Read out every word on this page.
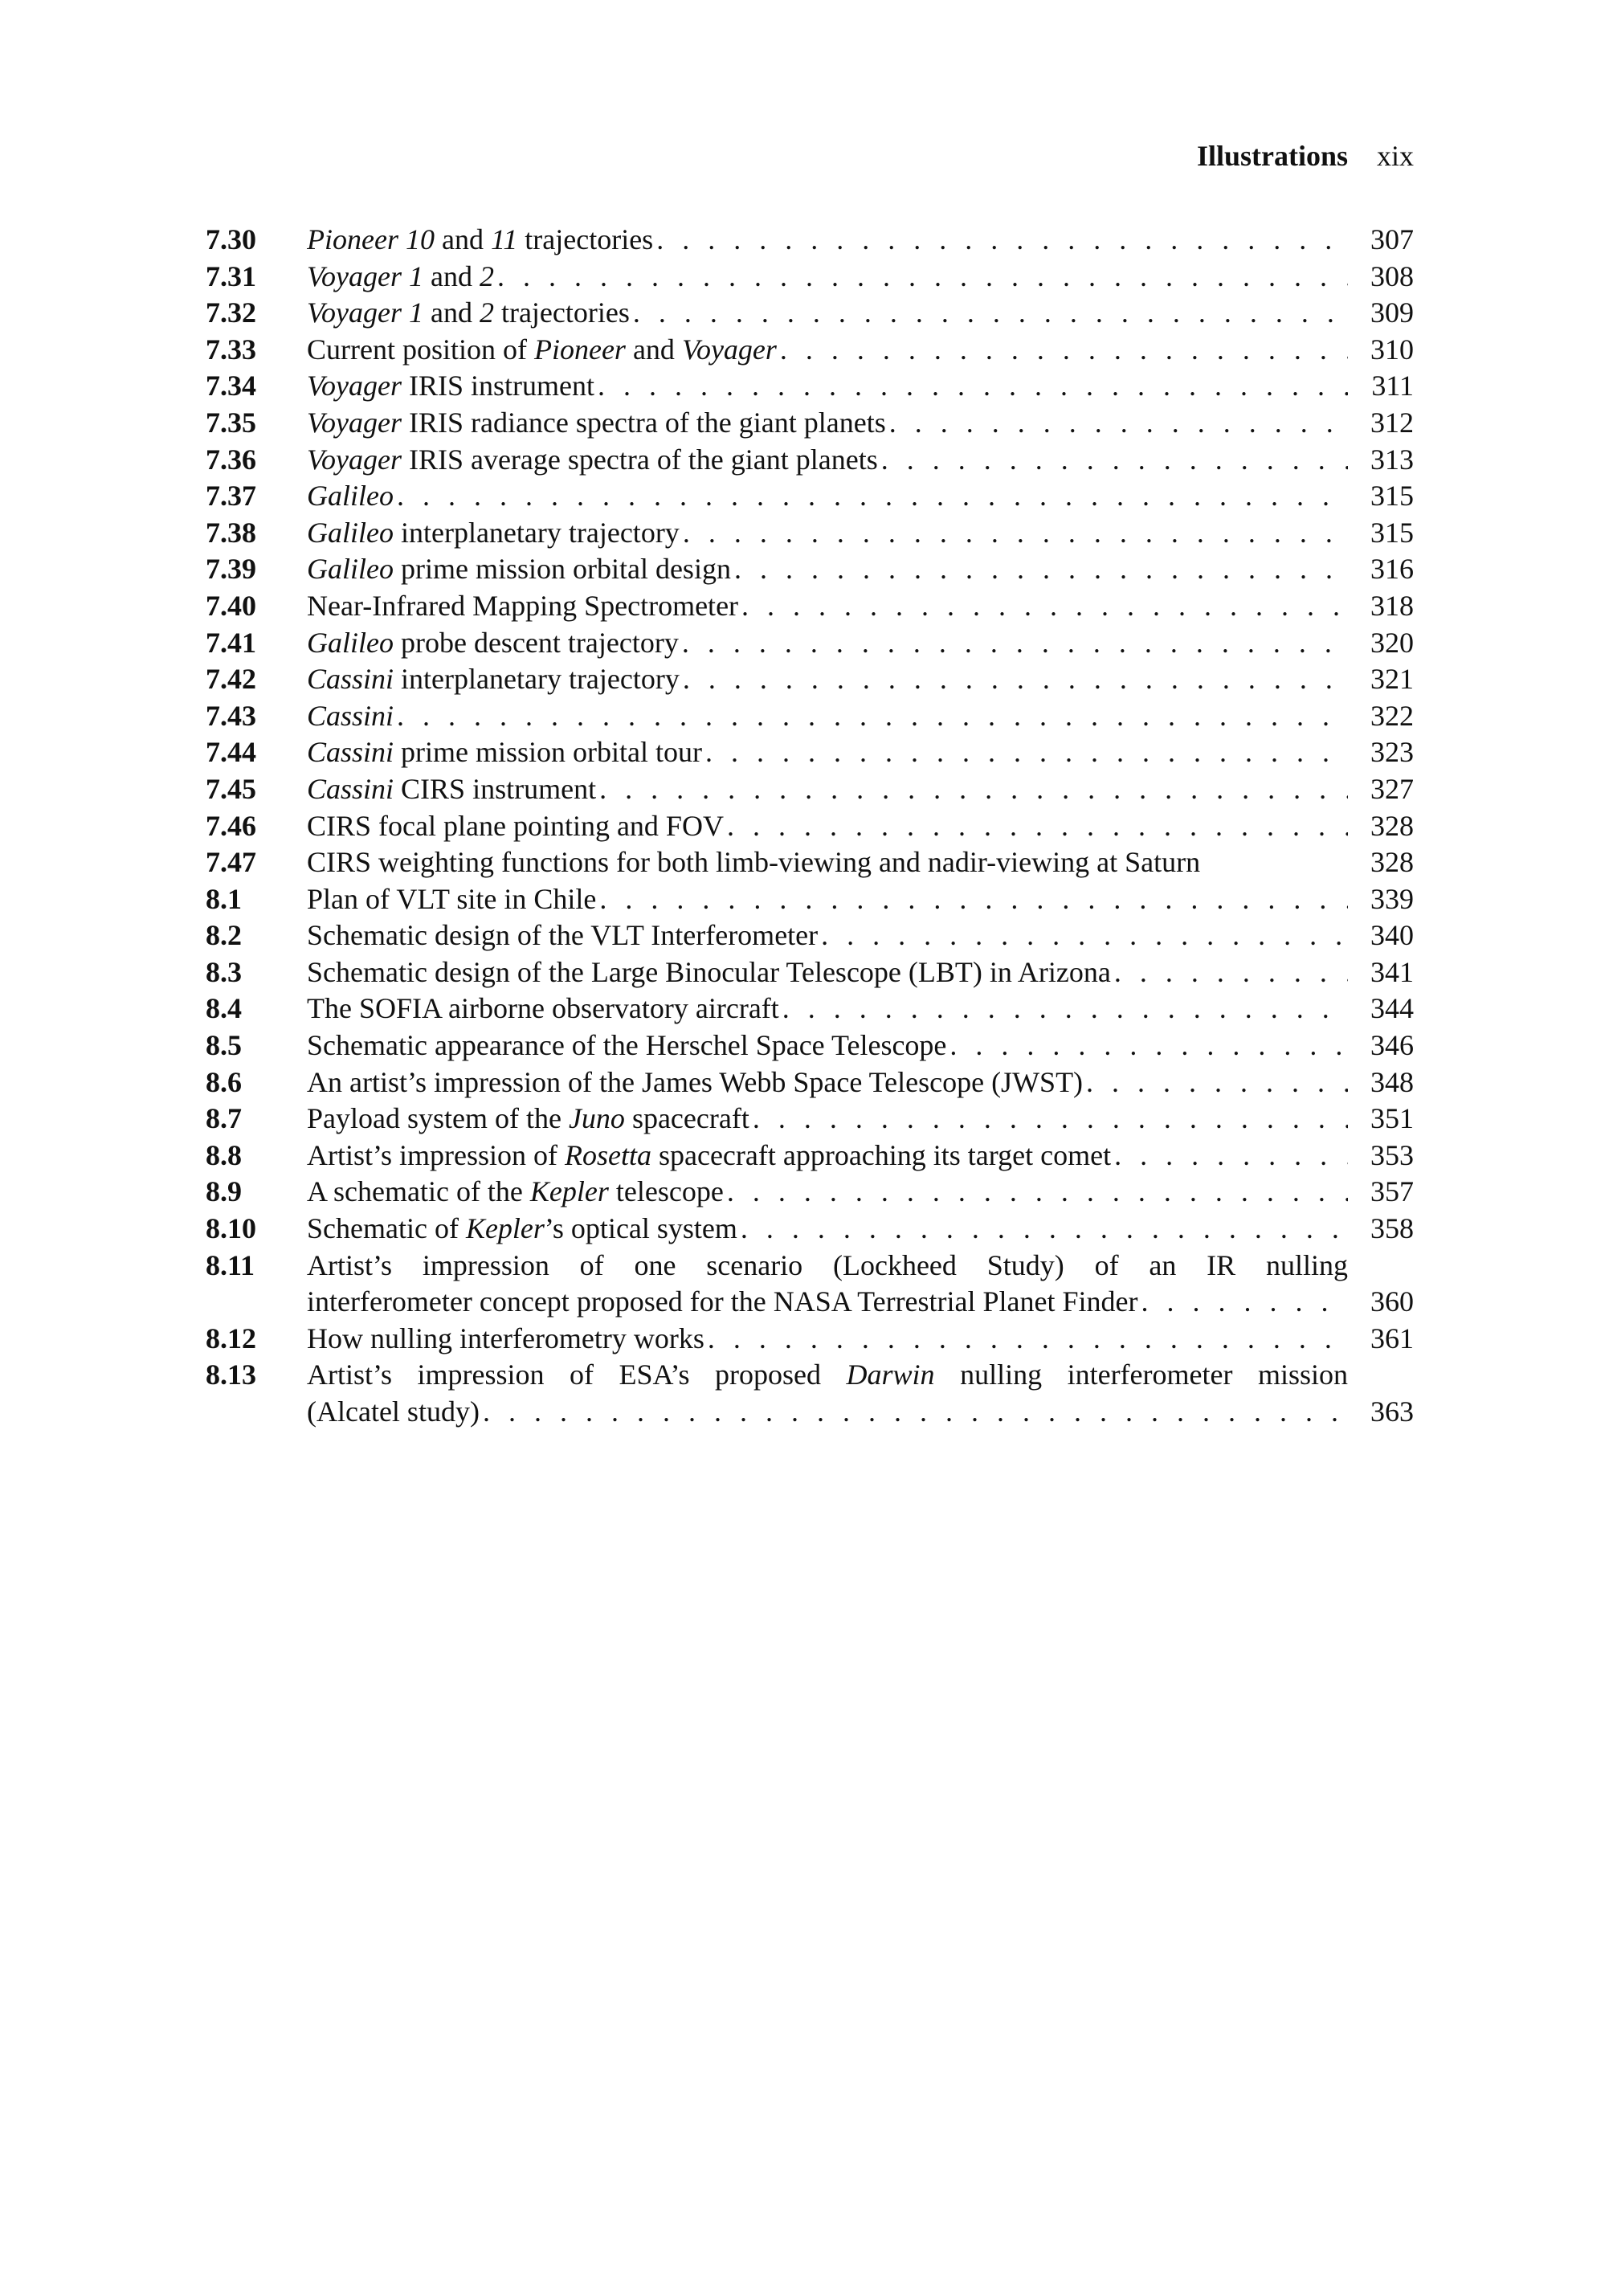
Illustrations xix
7.30	Pioneer 10 and 11 trajectories . . .	307
7.31	Voyager 1 and 2 . . .	308
7.32	Voyager 1 and 2 trajectories . . .	309
7.33	Current position of Pioneer and Voyager . . .	310
7.34	Voyager IRIS instrument . . .	311
7.35	Voyager IRIS radiance spectra of the giant planets . . .	312
7.36	Voyager IRIS average spectra of the giant planets . . .	313
7.37	Galileo . . .	315
7.38	Galileo interplanetary trajectory . . .	315
7.39	Galileo prime mission orbital design . . .	316
7.40	Near-Infrared Mapping Spectrometer . . .	318
7.41	Galileo probe descent trajectory . . .	320
7.42	Cassini interplanetary trajectory . . .	321
7.43	Cassini . . .	322
7.44	Cassini prime mission orbital tour . . .	323
7.45	Cassini CIRS instrument . . .	327
7.46	CIRS focal plane pointing and FOV . . .	328
7.47	CIRS weighting functions for both limb-viewing and nadir-viewing at Saturn	328
8.1	Plan of VLT site in Chile . . .	339
8.2	Schematic design of the VLT Interferometer . . .	340
8.3	Schematic design of the Large Binocular Telescope (LBT) in Arizona . . .	341
8.4	The SOFIA airborne observatory aircraft . . .	344
8.5	Schematic appearance of the Herschel Space Telescope . . .	346
8.6	An artist’s impression of the James Webb Space Telescope (JWST) . . .	348
8.7	Payload system of the Juno spacecraft . . .	351
8.8	Artist’s impression of Rosetta spacecraft approaching its target comet . . .	353
8.9	A schematic of the Kepler telescope . . .	357
8.10	Schematic of Kepler’s optical system . . .	358
8.11	Artist’s impression of one scenario (Lockheed Study) of an IR nulling
interferometer concept proposed for the NASA Terrestrial Planet Finder . . .	360
8.12	How nulling interferometry works . . .	361
8.13	Artist’s impression of ESA’s proposed Darwin nulling interferometer mission
(Alcatel study) . . .	363
